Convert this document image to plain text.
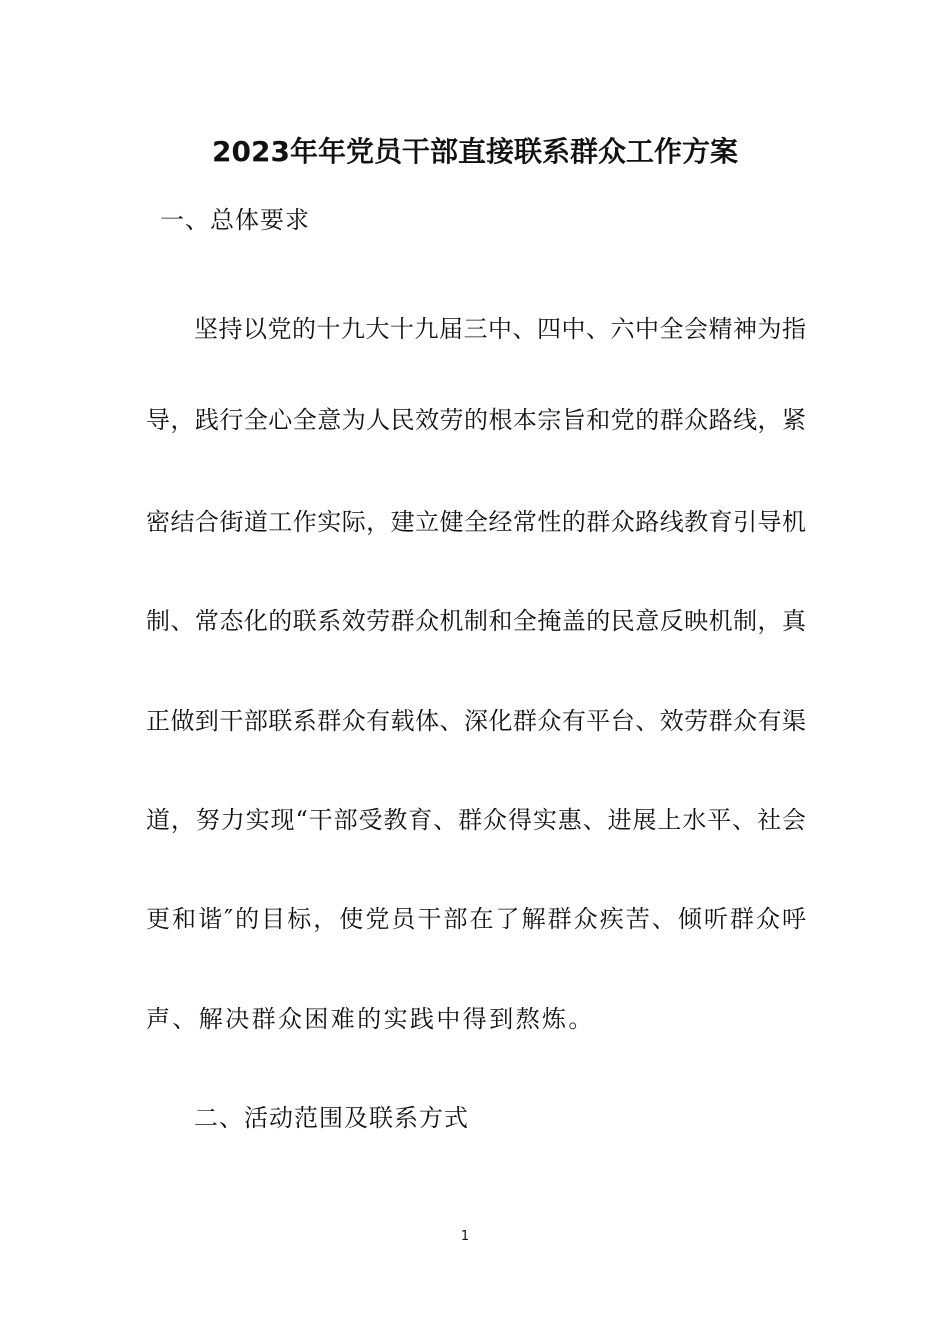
2023年年党员干部直接联系群众工作方案
一、总体要求
坚持以党的十九大十九届三中、四中、六中全会精神为指
导，践行全心全意为人民效劳的根本宗旨和党的群众路线，紧
密结合街道工作实际，建立健全经常性的群众路线教育引导机
制、常态化的联系效劳群众机制和全掩盖的民意反映机制，真
正做到干部联系群众有载体、深化群众有平台、效劳群众有渠
道，努力实现“干部受教育、群众得实惠、进展上水平、社会
更和谐″的目标，使党员干部在了解群众疾苦、倾听群众呼
声、解决群众困难的实践中得到熬炼。
二、活动范围及联系方式
1
